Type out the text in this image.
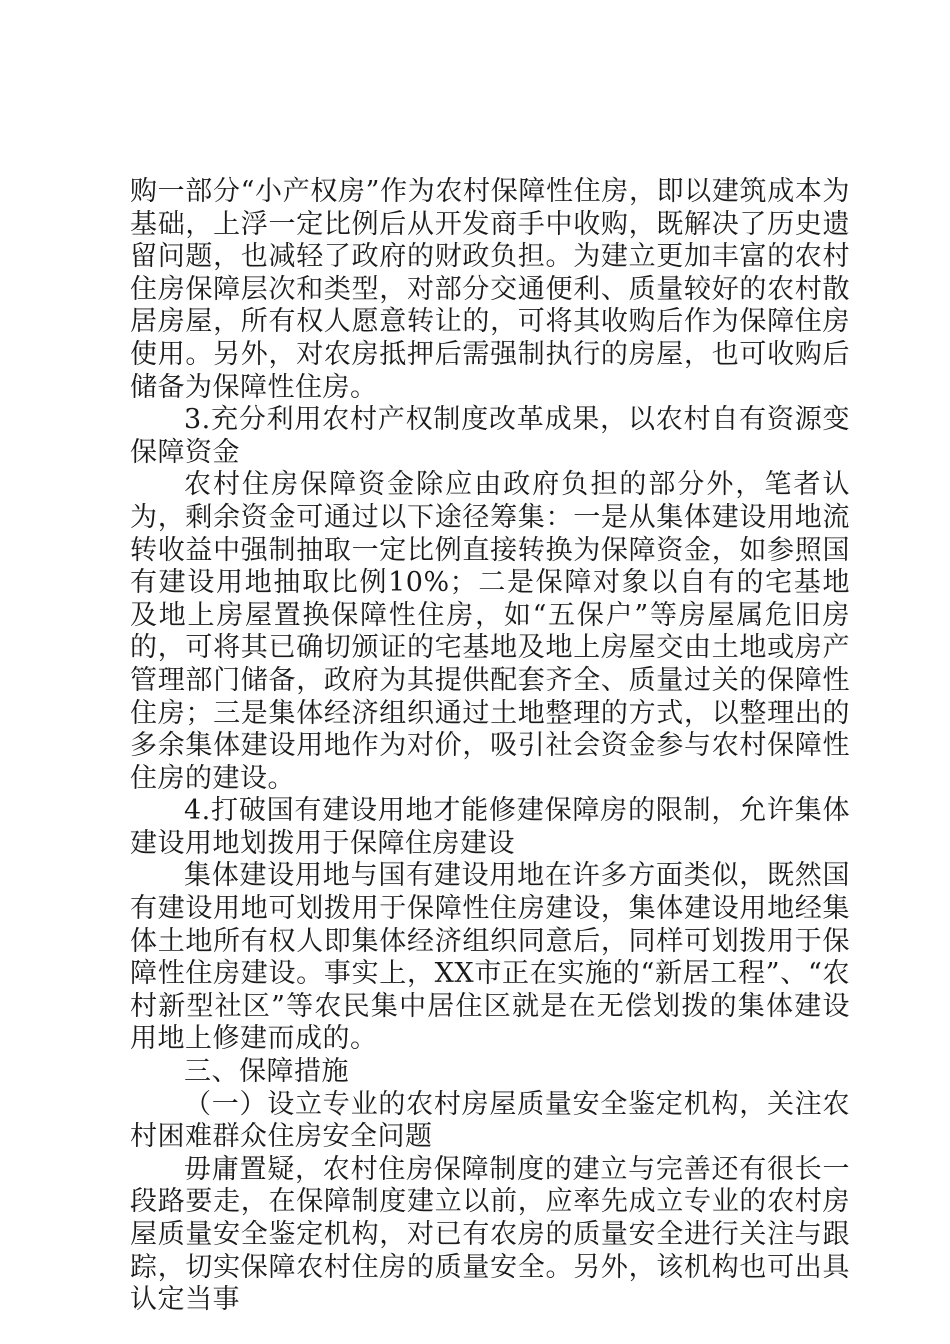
购一部分“小产权房”作为农村保障性住房，即以建筑成本为基础，上浮一定比例后从开发商手中收购，既解决了历史遗留问题，也减轻了政府的财政负担。为建立更加丰富的农村住房保障层次和类型，对部分交通便利、质量较好的农村散居房屋，所有权人愿意转让的，可将其收购后作为保障住房使用。另外，对农房抵押后需强制执行的房屋，也可收购后储备为保障性住房。

3.充分利用农村产权制度改革成果，以农村自有资源变保障资金

农村住房保障资金除应由政府负担的部分外，笔者认为，剩余资金可通过以下途径筹集：一是从集体建设用地流转收益中强制抽取一定比例直接转换为保障资金，如参照国有建设用地抽取比例10%；二是保障对象以自有的宅基地及地上房屋置换保障性住房，如“五保户”等房屋属危旧房的，可将其已确切颁证的宅基地及地上房屋交由土地或房产管理部门储备，政府为其提供配套齐全、质量过关的保障性住房；三是集体经济组织通过土地整理的方式，以整理出的多余集体建设用地作为对价，吸引社会资金参与农村保障性住房的建设。

4.打破国有建设用地才能修建保障房的限制，允许集体建设用地划拨用于保障住房建设

集体建设用地与国有建设用地在许多方面类似，既然国有建设用地可划拨用于保障性住房建设，集体建设用地经集体土地所有权人即集体经济组织同意后，同样可划拨用于保障性住房建设。事实上，XX市正在实施的“新居工程”、“农村新型社区”等农民集中居住区就是在无偿划拨的集体建设用地上修建而成的。

三、保障措施

（一）设立专业的农村房屋质量安全鉴定机构，关注农村困难群众住房安全问题

毋庸置疑，农村住房保障制度的建立与完善还有很长一段路要走，在保障制度建立以前，应率先成立专业的农村房屋质量安全鉴定机构，对已有农房的质量安全进行关注与跟踪，切实保障农村住房的质量安全。另外，该机构也可出具认定当事
